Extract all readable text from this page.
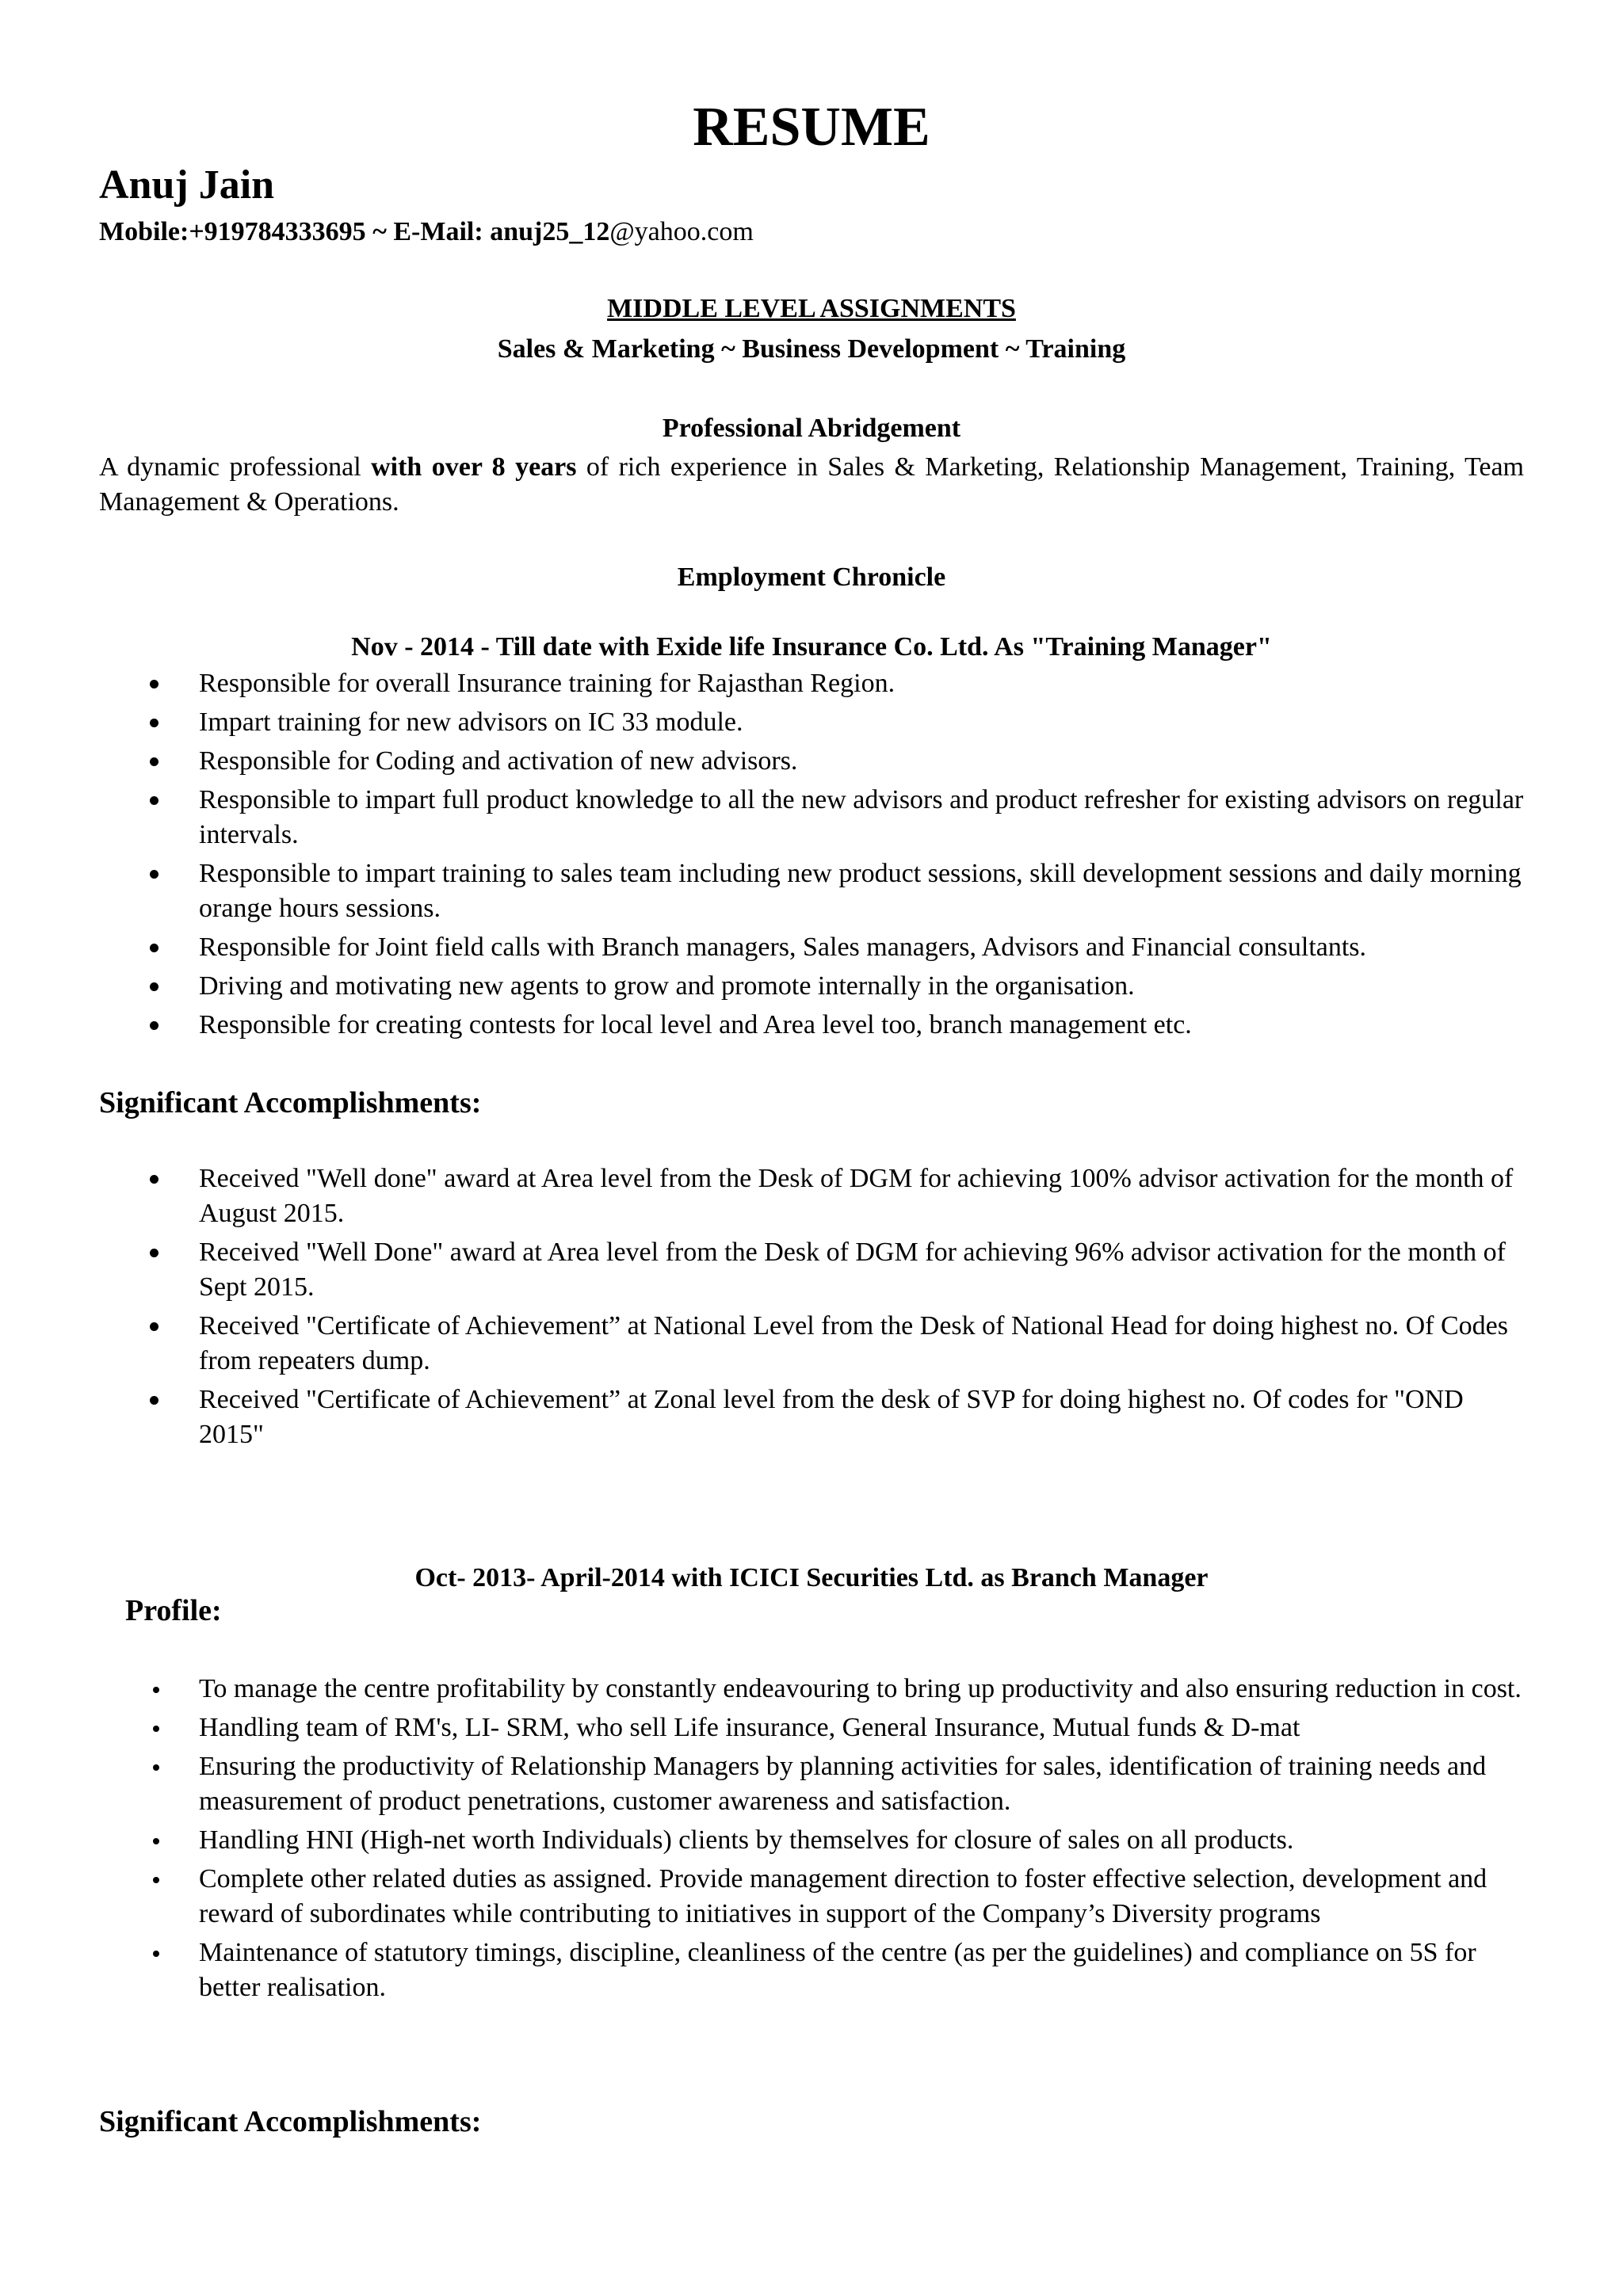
RESUME
Anuj Jain
Mobile:+919784333695 ~ E-Mail: anuj25_12@yahoo.com
MIDDLE LEVEL ASSIGNMENTS
Sales & Marketing ~ Business Development ~ Training
Professional Abridgement
A dynamic professional with over 8 years of rich experience in Sales & Marketing, Relationship Management, Training, Team Management & Operations.
Employment Chronicle
Nov - 2014 - Till date with Exide life Insurance Co. Ltd. As "Training Manager"
Responsible for overall Insurance training for Rajasthan Region.
Impart training for new advisors on IC 33 module.
Responsible for Coding and activation of new advisors.
Responsible to impart full product knowledge to all the new advisors and product refresher for existing advisors on regular intervals.
Responsible to impart training to sales team including new product sessions, skill development sessions and daily morning orange hours sessions.
Responsible for Joint field calls with Branch managers, Sales managers, Advisors and Financial consultants.
Driving and motivating new agents to grow and promote internally in the organisation.
Responsible for creating contests for local level and Area level too, branch management etc.
Significant Accomplishments:
Received "Well done" award at Area level from the Desk of DGM for achieving 100% advisor activation for the month of August 2015.
Received "Well Done" award at Area level from the Desk of DGM for achieving 96% advisor activation for the month of Sept 2015.
Received "Certificate of Achievement” at National Level from the Desk of National Head for doing highest no. Of Codes from repeaters dump.
Received "Certificate of Achievement” at Zonal level from the desk of SVP for doing highest no. Of codes for "OND 2015"
Oct- 2013- April-2014 with ICICI Securities Ltd. as Branch Manager
Profile:
To manage the centre profitability by constantly endeavouring to bring up productivity and also ensuring reduction in cost.
Handling team of RM's, LI- SRM, who sell Life insurance, General Insurance, Mutual funds & D-mat
Ensuring the productivity of Relationship Managers by planning activities for sales, identification of training needs and measurement of product penetrations, customer awareness and satisfaction.
Handling HNI (High-net worth Individuals) clients by themselves for closure of sales on all products.
Complete other related duties as assigned. Provide management direction to foster effective selection, development and reward of subordinates while contributing to initiatives in support of the Company’s Diversity programs
Maintenance of statutory timings, discipline, cleanliness of the centre (as per the guidelines) and compliance on 5S for better realisation.
Significant Accomplishments:
